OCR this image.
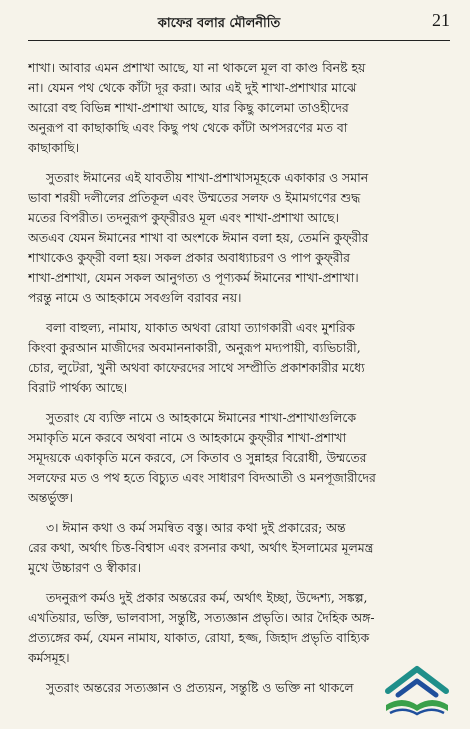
কাফের বলার মৌলনীতি	21
শাখা। আবার এমন প্রশাখা আছে, যা না থাকলে মূল বা কাণ্ড বিনষ্ট হয়
না। যেমন পথ থেকে কাঁটা দূর করা। আর এই দুই শাখা-প্রশাখার মাঝে
আরো বহু বিভিন্ন শাখা-প্রশাখা আছে, যার কিছু কালেমা তাওহীদের
অনুরূপ বা কাছাকাছি এবং কিছু পথ থেকে কাঁটা অপসরণের মত বা
কাছাকাছি।
সুতরাং ঈমানের এই যাবতীয় শাখা-প্রশাখাসমূহকে একাকার ও সমান
ভাবা শরয়ী দলীলের প্রতিকূল এবং উম্মতের সলফ ও ইমামগণের শুদ্ধ
মতের বিপরীত। তদনুরূপ কুফ্‌রীরও মূল এবং শাখা-প্রশাখা আছে।
অতএব যেমন ঈমানের শাখা বা অংশকে ঈমান বলা হয়, তেমনি কুফ্‌রীর
শাখাকেও কুফ্‌রী বলা হয়। সকল প্রকার অবাধ্যাচরণ ও পাপ কুফ্‌রীর
শাখা-প্রশাখা, যেমন সকল আনুগত্য ও পূণ্যকর্ম ঈমানের শাখা-প্রশাখা।
পরন্তু নামে ও আহকামে সবগুলি বরাবর নয়।
বলা বাহুল্য, নামায, যাকাত অথবা রোযা ত্যাগকারী এবং মুশরিক
কিংবা কুরআন মাজীদের অবমাননাকারী, অনুরূপ মদ্যপায়ী, ব্যভিচারী,
চোর, লুটেরা, খুনী অথবা কাফেরদের সাথে সম্প্রীতি প্রকাশকারীর মধ্যে
বিরাট পার্থক্য আছে।
সুতরাং যে ব্যক্তি নামে ও আহকামে ঈমানের শাখা-প্রশাখাগুলিকে
সমাকৃতি মনে করবে অথবা নামে ও আহকামে কুফ্‌রীর শাখা-প্রশাখা
সমূদয়কে একাকৃতি মনে করবে, সে কিতাব ও সুন্নাহর বিরোধী, উম্মতের
সলফের মত ও পথ হতে বিচ্যুত এবং সাধারণ বিদআতী ও মনপূজারীদের
অন্তর্ভুক্ত।
৩। ঈমান কথা ও কর্ম সমন্বিত বস্তু। আর কথা দুই প্রকারের; অন্ত
রের কথা, অর্থাৎ চিত্ত-বিশ্বাস এবং রসনার কথা, অর্থাৎ ইসলামের মূলমন্ত্র
মুখে উচ্চারণ ও স্বীকার।
তদনুরূপ কর্মও দুই প্রকার অন্তরের কর্ম, অর্থাৎ ইচ্ছা, উদ্দেশ্য, সঙ্কল্প,
এখতিয়ার, ভক্তি, ভালবাসা, সন্তুষ্টি, সত্যজ্ঞান প্রভৃতি। আর দৈহিক অঙ্গ-
প্রত্যঙ্গের কর্ম, যেমন নামায, যাকাত, রোযা, হজ্জ, জিহাদ প্রভৃতি বাহ্যিক
কর্মসমূহ।
সুতরাং অন্তরের সত্যজ্ঞান ও প্রত্যয়ন, সন্তুষ্টি ও ভক্তি না থাকলে
